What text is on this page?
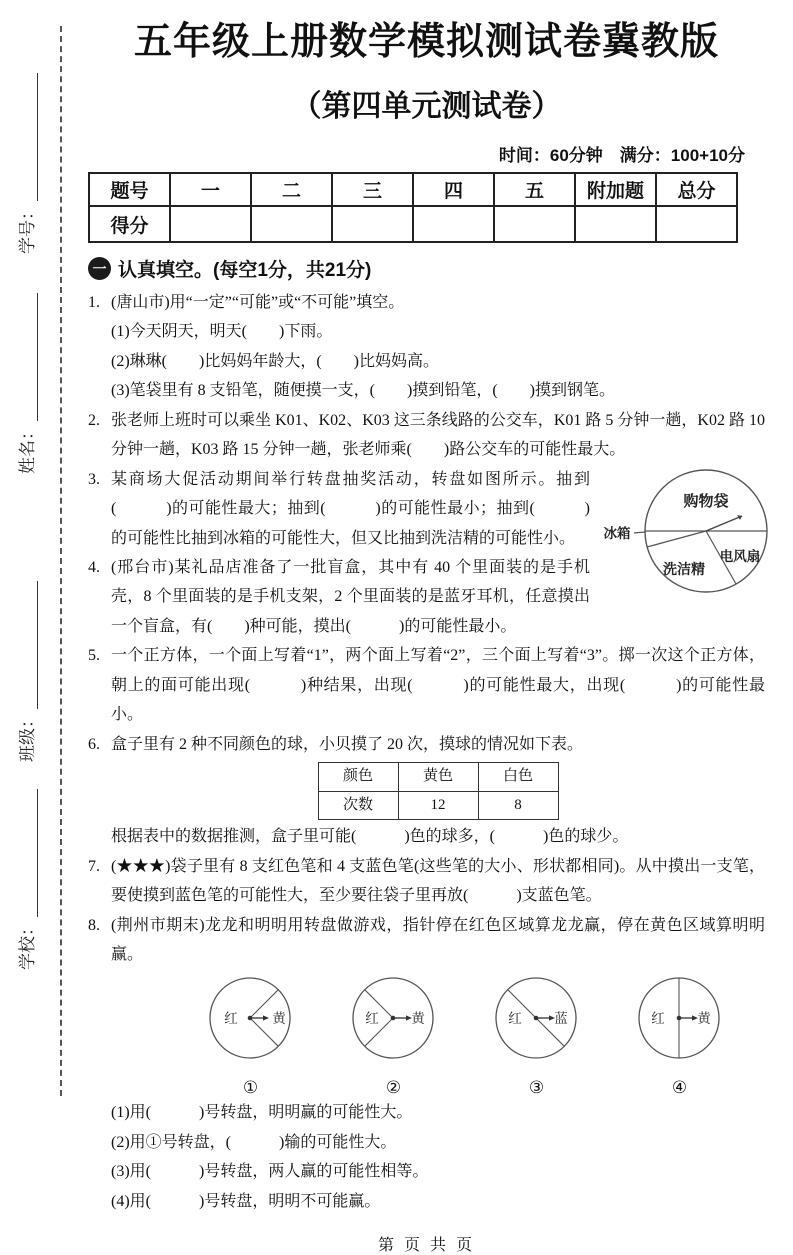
学号：
姓名：
班级：
学校：
五年级上册数学模拟测试卷冀教版
（第四单元测试卷）
时间：60分钟　满分：100+10分
题号	一	二	三	四	五	附加题	总分
得分							
一 认真填空。 (每空1分，共21分)
1. (唐山市)用“一定”“可能”或“不可能”填空。
(1)今天阴天，明天(　　)下雨。
(2)琳琳(　　)比妈妈年龄大，(　　)比妈妈高。
(3)笔袋里有 8 支铅笔，随便摸一支，(　　)摸到铅笔，(　　)摸到钢笔。
2. 张老师上班时可以乘坐 K01、K02、K03 这三条线路的公交车，K01 路 5 分钟一趟，K02 路 10 分钟一趟，K03 路 15 分钟一趟，张老师乘(　　)路公交车的可能性最大。
购物袋
冰箱
电风扇
洗洁精
3. 某商场大促活动期间举行转盘抽奖活动，转盘如图所示。抽到(　　　)的可能性最大；抽到(　　　)的可能性最小；抽到(　　　)的可能性比抽到冰箱的可能性大，但又比抽到洗洁精的可能性小。
4. (邢台市)某礼品店准备了一批盲盒，其中有 40 个里面装的是手机壳，8 个里面装的是手机支架，2 个里面装的是蓝牙耳机，任意摸出一个盲盒，有(　　)种可能，摸出(　　　)的可能性最小。
5. 一个正方体，一个面上写着“1”，两个面上写着“2”，三个面上写着“3”。掷一次这个正方体，朝上的面可能出现(　　　)种结果，出现(　　　)的可能性最大，出现(　　　)的可能性最小。
6. 盒子里有 2 种不同颜色的球，小贝摸了 20 次，摸球的情况如下表。
颜色	黄色	白色
次数	12	8
根据表中的数据推测，盒子里可能(　　　)色的球多，(　　　)色的球少。
7. (★★★)袋子里有 8 支红色笔和 4 支蓝色笔(这些笔的大小、形状都相同)。从中摸出一支笔，要使摸到蓝色笔的可能性大，至少要往袋子里再放(　　　)支蓝色笔。
8. (荆州市期末)龙龙和明明用转盘做游戏，指针停在红色区域算龙龙赢，停在黄色区域算明明赢。
红	黄
①
红 黄
②
红 蓝
③
红 黄
④
(1)用(　　　)号转盘，明明赢的可能性大。
(2)用①号转盘，(　　　)输的可能性大。
(3)用(　　　)号转盘，两人赢的可能性相等。
(4)用(　　　)号转盘，明明不可能赢。
第 页 共 页
